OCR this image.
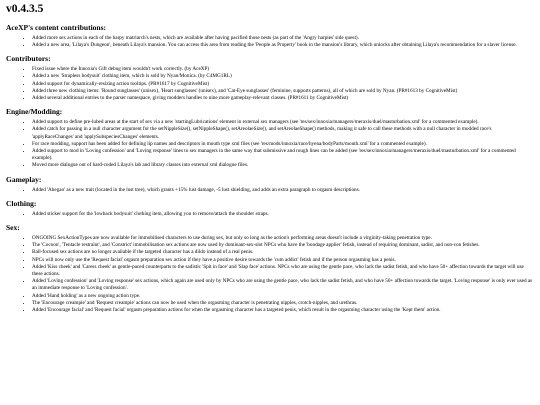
v0.4.3.5
AceXP's content contributions:
• Added more sex actions in each of the harpy matriarch's nests, which are available after having pacified those nests (as part of the 'Angry harpies' side quest).
• Added a new area, 'Lilaya's Dungeon', beneath Lilaya's mansion. You can access this area from reading the 'People as Property' book in the mansion's library, which unlocks after obtaining Lilaya's recommendation for a slaver license.
Contributors:
• Fixed issue where the Innoxia's Gift debug item wouldn't work correctly. (by AceXP)
• Added a new 'Strapless bodysuit' clothing item, which is sold by Nyan/Monica. (by C4MG1RL)
• Added support for dynamically-resizing action tooltips. (PR#1617 by CognitiveMist)
• Added three new clothing items: 'Round sunglasses' (unisex), 'Heart sunglasses' (unisex), and 'Cat-Eye sunglasses' (feminine, supports patterns), all of which are sold by Nyan. (PR#1613 by CognitiveMist)
• Added several additional entries to the parser namespace, giving modders handles to nine more gameplay-relevant classes. (PR#1611 by CognitiveMist)
Engine/Modding:
• Added support to define pre-lubed areas at the start of sex via a new 'startingLubrications' element in external sex managers (see 'res/sex/innoxia/managers/meraxis/duel/masturbation.xml' for a commented example).
• Added catch for passing in a null character argument for the setNippleSize(), setNippleShape(), setAreolaeSize(), and setAreolaeShape() methods, making it safe to call these methods with a null character in modded race's 'applyRaceChanges' and 'applySubspeciesChanges' elements.
• For race modding, support has been added for defining lip names and descriptors in mouth type xml files (see 'res/mods/innoxia/race/hyena/bodyParts/mouth.xml' for a commented example).
• Added support to mod in 'Loving confession' and 'Loving response' lines to sex managers in the same way that submissive and rough lines can be added (see 'res/sex/innoxia/managers/meraxis/duel/masturbation.xml' for a commented example).
• Moved more dialogue out of hard-coded Lilaya's lab and library classes into external xml dialogue files.
Gameplay:
• Added 'Ahegao' as a new trait (located in the lust tree), which grants +15% lust damage, -5 lust shielding, and adds an extra paragraph to orgasm descriptions.
Clothing:
• Added sticker support for the 'lowback bodysuit' clothing item, allowing you to remove/attach the shoulder straps.
Sex:
• ONGOING SexActionTypes are now available for immobilised characters to use during sex, but only so long as the action's performing areas doesn't include a virginity-taking penetration type.
• The 'Cocoon', 'Tentacle restraint', and 'Constrict' immobilisation sex actions are now used by dominant-sex-slot NPCs who have the 'bondage applier' fetish, instead of requiring dominant, sadist, and non-con fetishes.
• Ball-focused sex actions are no longer available if the targeted character has a dildo instead of a real penis.
• NPCs will now only use the 'Request facial' orgasm preparation sex action if they have a positive desire towards the 'cum addict' fetish and if the person orgasming has a penis.
• Added 'Kiss cheek' and 'Caress cheek' as gentle-paced counterparts to the sadistic 'Spit in face' and 'Slap face' actions. NPCs who are using the gentle pace, who lack the sadist fetish, and who have 50+ affection towards the target will use these actions.
• Added 'Loving confession' and 'Loving response' sex actions, which again are used only by NPCs who are using the gentle pace, who lack the sadist fetish, and who have 50+ affection towards the target. 'Loving response' is only ever used as an immediate response to 'Loving confession'.
• Added 'Hand holding' as a new ongoing action type.
• The 'Encourage creampie' and 'Request creampie' actions can now be used when the orgasming character is penetrating nipples, crotch-nipples, and urethras.
• Added 'Encourage facial' and 'Request facial' orgasm preparation actions for when the orgasming character has a targeted penis, which result in the orgasming character using the 'Kept them' action.
